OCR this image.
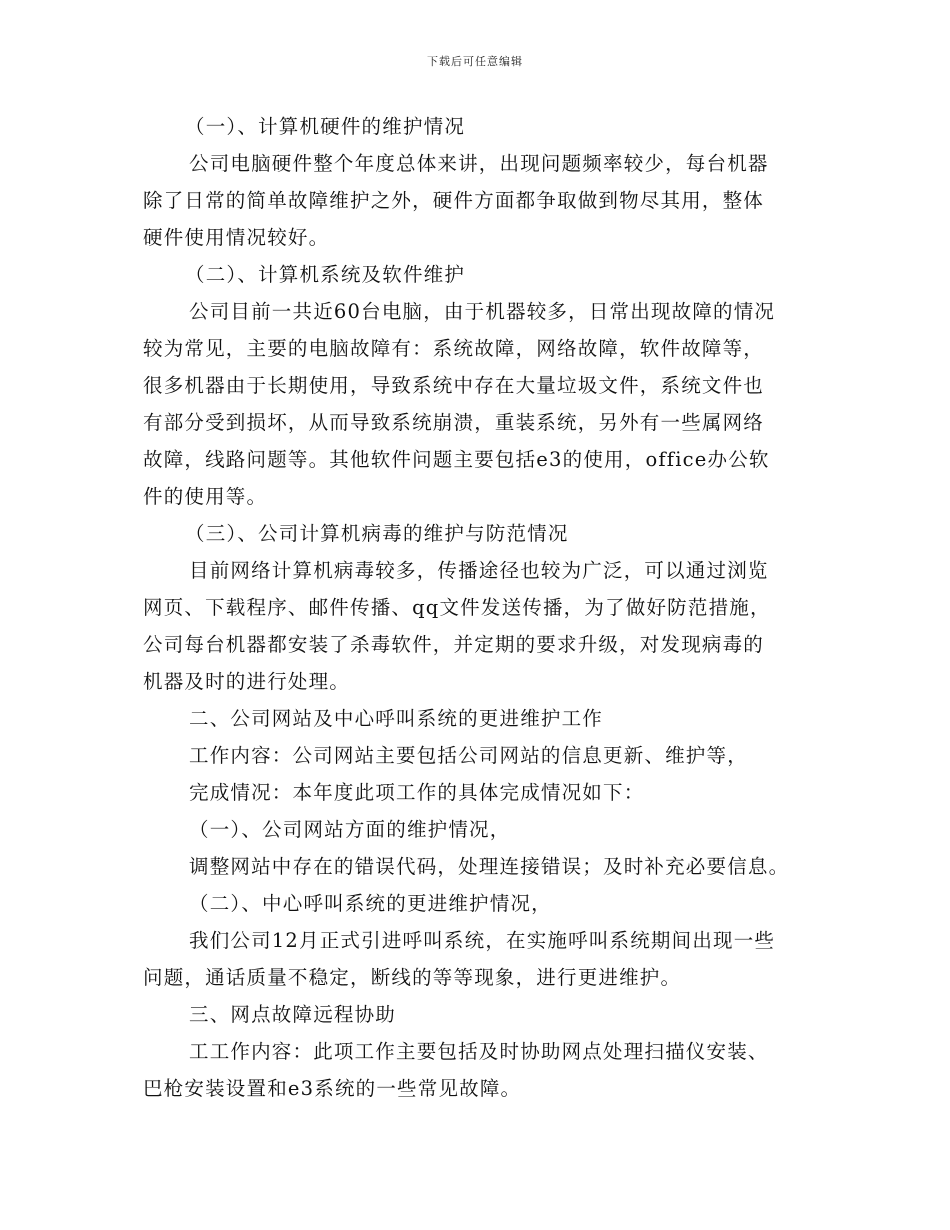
下载后可任意编辑
（一）、计算机硬件的维护情况
公司电脑硬件整个年度总体来讲，出现问题频率较少，每台机器
除了日常的简单故障维护之外，硬件方面都争取做到物尽其用，整体
硬件使用情况较好。
（二）、计算机系统及软件维护
公司目前一共近60台电脑，由于机器较多，日常出现故障的情况
较为常见，主要的电脑故障有：系统故障，网络故障，软件故障等，
很多机器由于长期使用，导致系统中存在大量垃圾文件，系统文件也
有部分受到损坏，从而导致系统崩溃，重装系统，另外有一些属网络
故障，线路问题等。其他软件问题主要包括e3的使用，office办公软
件的使用等。
（三）、公司计算机病毒的维护与防范情况
目前网络计算机病毒较多，传播途径也较为广泛，可以通过浏览
网页、下载程序、邮件传播、qq文件发送传播，为了做好防范措施，
公司每台机器都安装了杀毒软件，并定期的要求升级，对发现病毒的
机器及时的进行处理。
二、公司网站及中心呼叫系统的更进维护工作
工作内容：公司网站主要包括公司网站的信息更新、维护等，
完成情况：本年度此项工作的具体完成情况如下：
（一）、公司网站方面的维护情况，
调整网站中存在的错误代码，处理连接错误；及时补充必要信息。
（二）、中心呼叫系统的更进维护情况，
我们公司12月正式引进呼叫系统，在实施呼叫系统期间出现一些
问题，通话质量不稳定，断线的等等现象，进行更进维护。
三、网点故障远程协助
工工作内容：此项工作主要包括及时协助网点处理扫描仪安装、
巴枪安装设置和e3系统的一些常见故障。
